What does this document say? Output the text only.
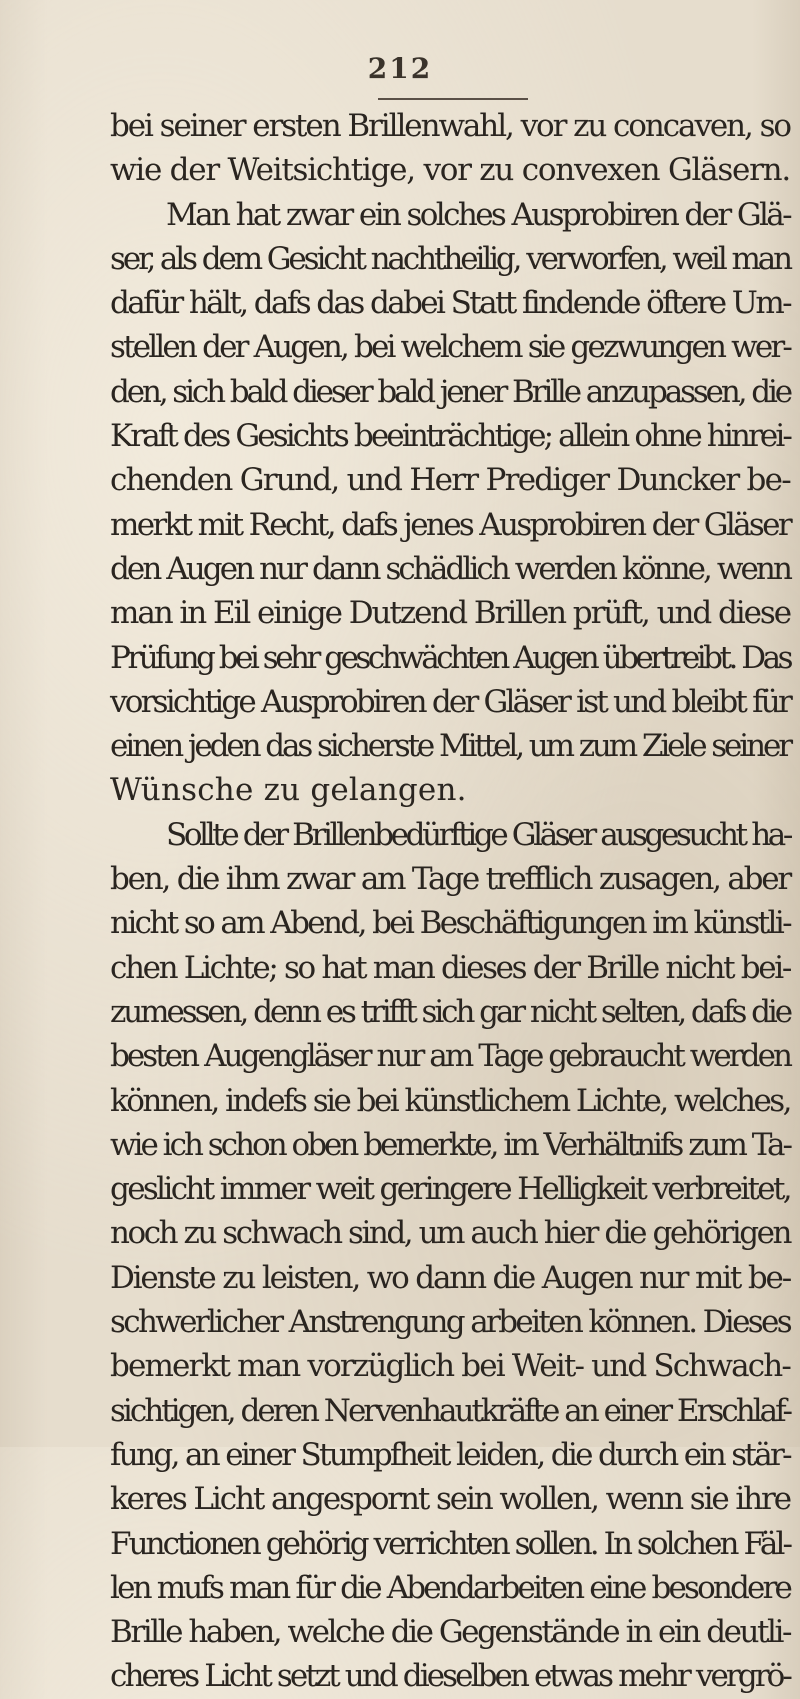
212
bei seiner ersten Brillenwahl, vor zu concaven, so
wie der Weitsichtige, vor zu convexen Gläsern.
Man hat zwar ein solches Ausprobiren der Glä-
ser, als dem Gesicht nachtheilig, verworfen, weil man
dafür hält, dafs das dabei Statt findende öftere Um-
stellen der Augen, bei welchem sie gezwungen wer-
den, sich bald dieser bald jener Brille anzupassen, die
Kraft des Gesichts beeinträchtige; allein ohne hinrei-
chenden Grund, und Herr Prediger Duncker be-
merkt mit Recht, dafs jenes Ausprobiren der Gläser
den Augen nur dann schädlich werden könne, wenn
man in Eil einige Dutzend Brillen prüft, und diese
Prüfung bei sehr geschwächten Augen übertreibt. Das
vorsichtige Ausprobiren der Gläser ist und bleibt für
einen jeden das sicherste Mittel, um zum Ziele seiner
Wünsche zu gelangen.
Sollte der Brillenbedürftige Gläser ausgesucht ha-
ben, die ihm zwar am Tage trefflich zusagen, aber
nicht so am Abend, bei Beschäftigungen im künstli-
chen Lichte; so hat man dieses der Brille nicht bei-
zumessen, denn es trifft sich gar nicht selten, dafs die
besten Augengläser nur am Tage gebraucht werden
können, indefs sie bei künstlichem Lichte, welches,
wie ich schon oben bemerkte, im Verhältnifs zum Ta-
geslicht immer weit geringere Helligkeit verbreitet,
noch zu schwach sind, um auch hier die gehörigen
Dienste zu leisten, wo dann die Augen nur mit be-
schwerlicher Anstrengung arbeiten können. Dieses
bemerkt man vorzüglich bei Weit- und Schwach-
sichtigen, deren Nervenhautkräfte an einer Erschlaf-
fung, an einer Stumpfheit leiden, die durch ein stär-
keres Licht angespornt sein wollen, wenn sie ihre
Functionen gehörig verrichten sollen. In solchen Fäl-
len mufs man für die Abendarbeiten eine besondere
Brille haben, welche die Gegenstände in ein deutli-
cheres Licht setzt und dieselben etwas mehr vergrö-
